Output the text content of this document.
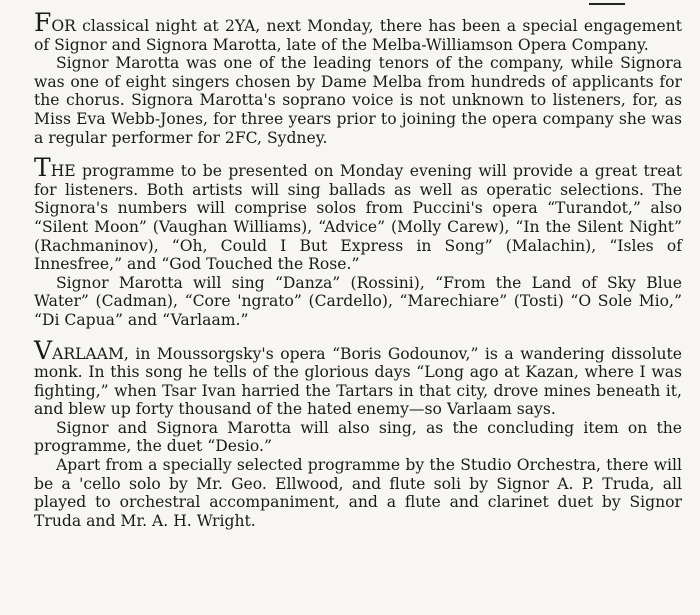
FOR classical night at 2YA, next Monday, there has been a special engagement of Signor and Signora Marotta, late of the Melba-Williamson Opera Company.

Signor Marotta was one of the leading tenors of the company, while Signora was one of eight singers chosen by Dame Melba from hundreds of applicants for the chorus. Signora Marotta's soprano voice is not unknown to listeners, for, as Miss Eva Webb-Jones, for three years prior to joining the opera company she was a regular performer for 2FC, Sydney.

THE programme to be presented on Monday evening will provide a great treat for listeners. Both artists will sing ballads as well as operatic selections. The Signora's numbers will comprise solos from Puccini's opera “Turandot,” also “Silent Moon” (Vaughan Williams), “Advice” (Molly Carew), “In the Silent Night” (Rachmaninov), “Oh, Could I But Express in Song” (Malachin), “Isles of Innesfree,” and “God Touched the Rose.”

Signor Marotta will sing “Danza” (Rossini), “From the Land of Sky Blue Water” (Cadman), “Core 'ngrato” (Cardello), “Marechiare” (Tosti) “O Sole Mio,” “Di Capua” and “Varlaam.”

VARLAAM, in Moussorgsky's opera “Boris Godounov,” is a wandering dissolute monk. In this song he tells of the glorious days “Long ago at Kazan, where I was fighting,” when Tsar Ivan harried the Tartars in that city, drove mines beneath it, and blew up forty thousand of the hated enemy—so Varlaam says.

Signor and Signora Marotta will also sing, as the concluding item on the programme, the duet “Desio.”

Apart from a specially selected programme by the Studio Orchestra, there will be a 'cello solo by Mr. Geo. Ellwood, and flute soli by Signor A. P. Truda, all played to orchestral accompaniment, and a flute and clarinet duet by Signor Truda and Mr. A. H. Wright.
